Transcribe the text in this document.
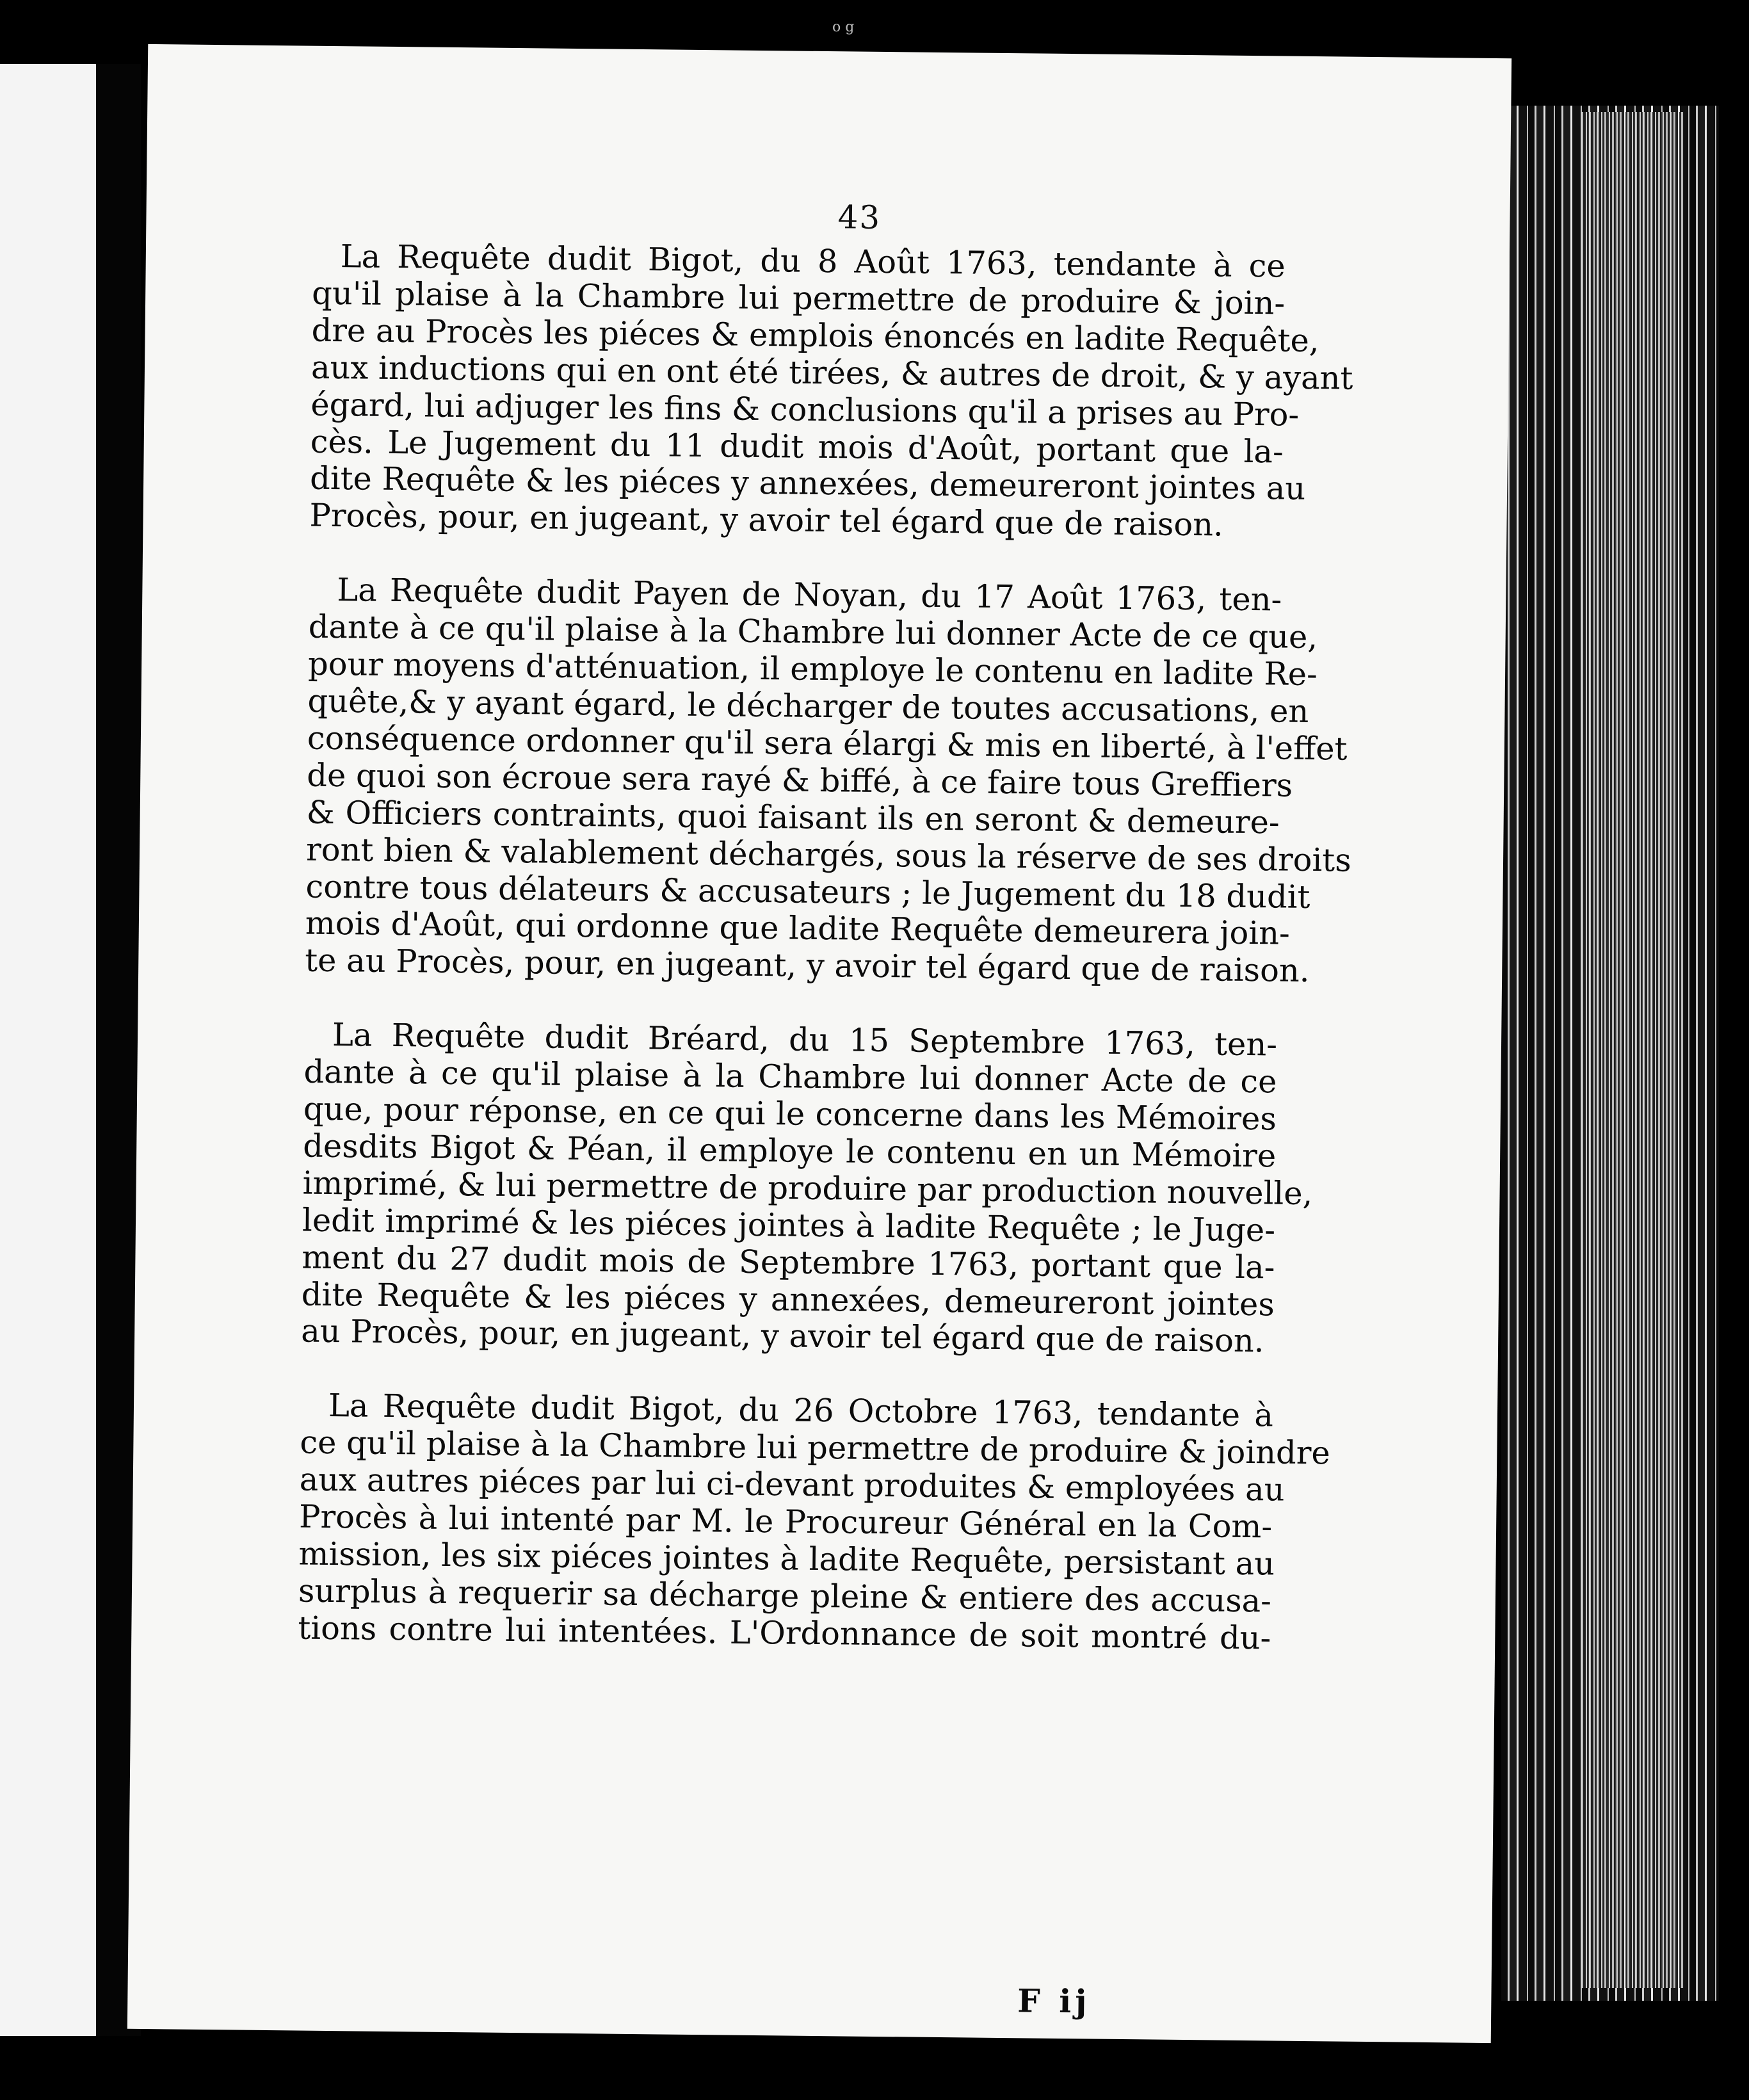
o g
43
La Requête dudit Bigot, du 8 Août 1763, tendante à ce
qu'il plaise à la Chambre lui permettre de produire & join-
dre au Procès les piéces & emplois énoncés en ladite Requête,
aux inductions qui en ont été tirées, & autres de droit, & y ayant
égard, lui adjuger les fins & conclusions qu'il a prises au Pro-
cès. Le Jugement du 11 dudit mois d'Août, portant que la-
dite Requête & les piéces y annexées, demeureront jointes au
Procès, pour, en jugeant, y avoir tel égard que de raison.
La Requête dudit Payen de Noyan, du 17 Août 1763, ten-
dante à ce qu'il plaise à la Chambre lui donner Acte de ce que,
pour moyens d'atténuation, il employe le contenu en ladite Re-
quête,& y ayant égard, le décharger de toutes accusations, en
conséquence ordonner qu'il sera élargi & mis en liberté, à l'effet
de quoi son écroue sera rayé & biffé, à ce faire tous Greffiers
& Officiers contraints, quoi faisant ils en seront & demeure-
ront bien & valablement déchargés, sous la réserve de ses droits
contre tous délateurs & accusateurs ; le Jugement du 18 dudit
mois d'Août, qui ordonne que ladite Requête demeurera join-
te au Procès, pour, en jugeant, y avoir tel égard que de raison.
La Requête dudit Bréard, du 15 Septembre 1763, ten-
dante à ce qu'il plaise à la Chambre lui donner Acte de ce
que, pour réponse, en ce qui le concerne dans les Mémoires
desdits Bigot & Péan, il employe le contenu en un Mémoire
imprimé, & lui permettre de produire par production nouvelle,
ledit imprimé & les piéces jointes à ladite Requête ; le Juge-
ment du 27 dudit mois de Septembre 1763, portant que la-
dite Requête & les piéces y annexées, demeureront jointes
au Procès, pour, en jugeant, y avoir tel égard que de raison.
La Requête dudit Bigot, du 26 Octobre 1763, tendante à
ce qu'il plaise à la Chambre lui permettre de produire & joindre
aux autres piéces par lui ci-devant produites & employées au
Procès à lui intenté par M. le Procureur Général en la Com-
mission, les six piéces jointes à ladite Requête, persistant au
surplus à requerir sa décharge pleine & entiere des accusa-
tions contre lui intentées. L'Ordonnance de soit montré du-
F ij
